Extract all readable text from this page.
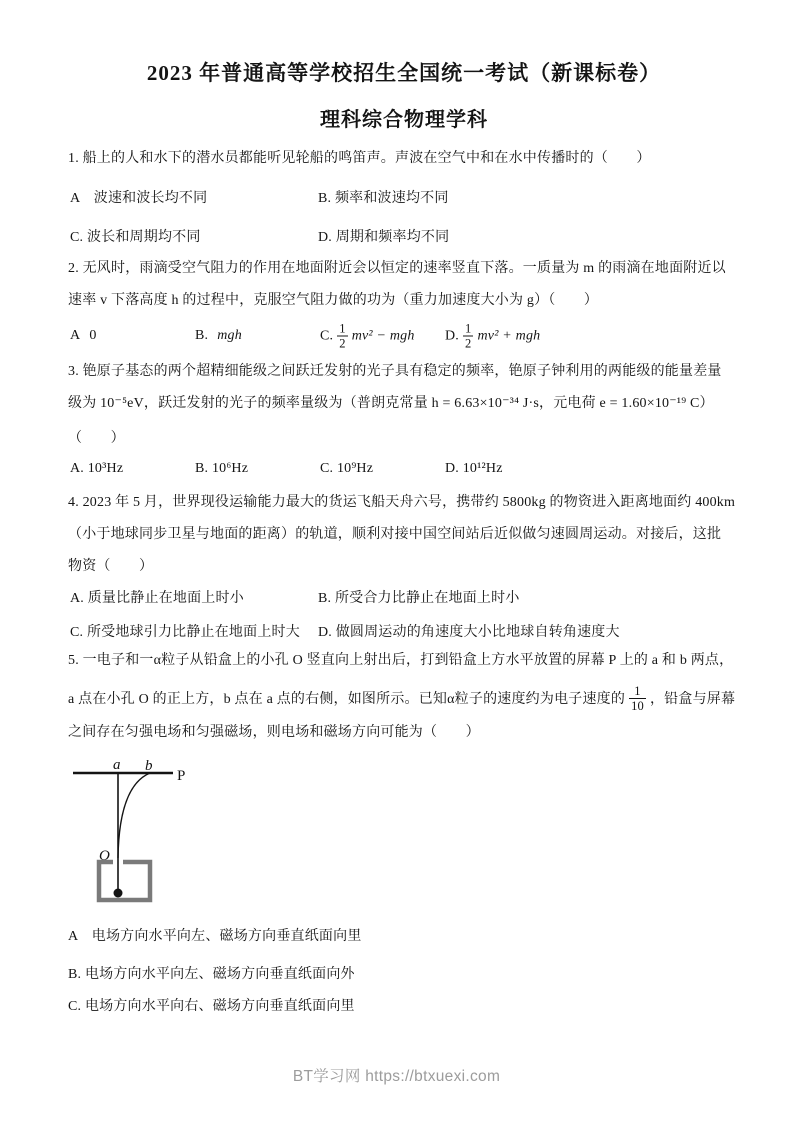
2023 年普通高等学校招生全国统一考试（新课标卷）
理科综合物理学科
1. 船上的人和水下的潜水员都能听见轮船的鸣笛声。声波在空气中和在水中传播时的（　　）
A　波速和波长均不同	B. 频率和波速均不同
C. 波长和周期均不同	D. 周期和频率均不同
2. 无风时，雨滴受空气阻力的作用在地面附近会以恒定的速率竖直下落。一质量为 m 的雨滴在地面附近以
速率 v 下落高度 h 的过程中，克服空气阻力做的功为（重力加速度大小为 g）（　　）
A 0	B. mgh	C. $\frac{1}{2} mv^2$ − mgh D. $\frac{1}{2} mv^2$ + mgh
3. 铯原子基态的两个超精细能级之间跃迁发射的光子具有稳定的频率，铯原子钟利用的两能级的能量差量
级为 10⁻⁵eV，跃迁发射的光子的频率量级为（普朗克常量 h = 6.63×10⁻³⁴ J·s，元电荷 e = 1.60×10⁻¹⁹ C）
（　　）
A. 10³Hz	B. 10⁶Hz	C. 10⁹Hz	D. 10¹²Hz
4. 2023 年 5 月，世界现役运输能力最大的货运飞船天舟六号，携带约 5800kg 的物资进入距离地面约 400km
（小于地球同步卫星与地面的距离）的轨道，顺利对接中国空间站后近似做匀速圆周运动。对接后，这批
物资（　　）
A. 质量比静止在地面上时小	B. 所受合力比静止在地面上时小
C. 所受地球引力比静止在地面上时大 D. 做圆周运动的角速度大小比地球自转角速度大
5. 一电子和一α粒子从铅盒上的小孔 O 竖直向上射出后，打到铅盒上方水平放置的屏幕 P 上的 a 和 b 两点，
a 点在小孔 O 的正上方，b 点在 a 点的右侧，如图所示。已知α粒子的速度约为电子速度的 $\frac{1}{10}$ ，铅盒与屏幕
之间存在匀强电场和匀强磁场，则电场和磁场方向可能为（　　）
P
a b
O
A　电场方向水平向左、磁场方向垂直纸面向里
B. 电场方向水平向左、磁场方向垂直纸面向外
C. 电场方向水平向右、磁场方向垂直纸面向里
BT学习网 https://btxuexi.com
